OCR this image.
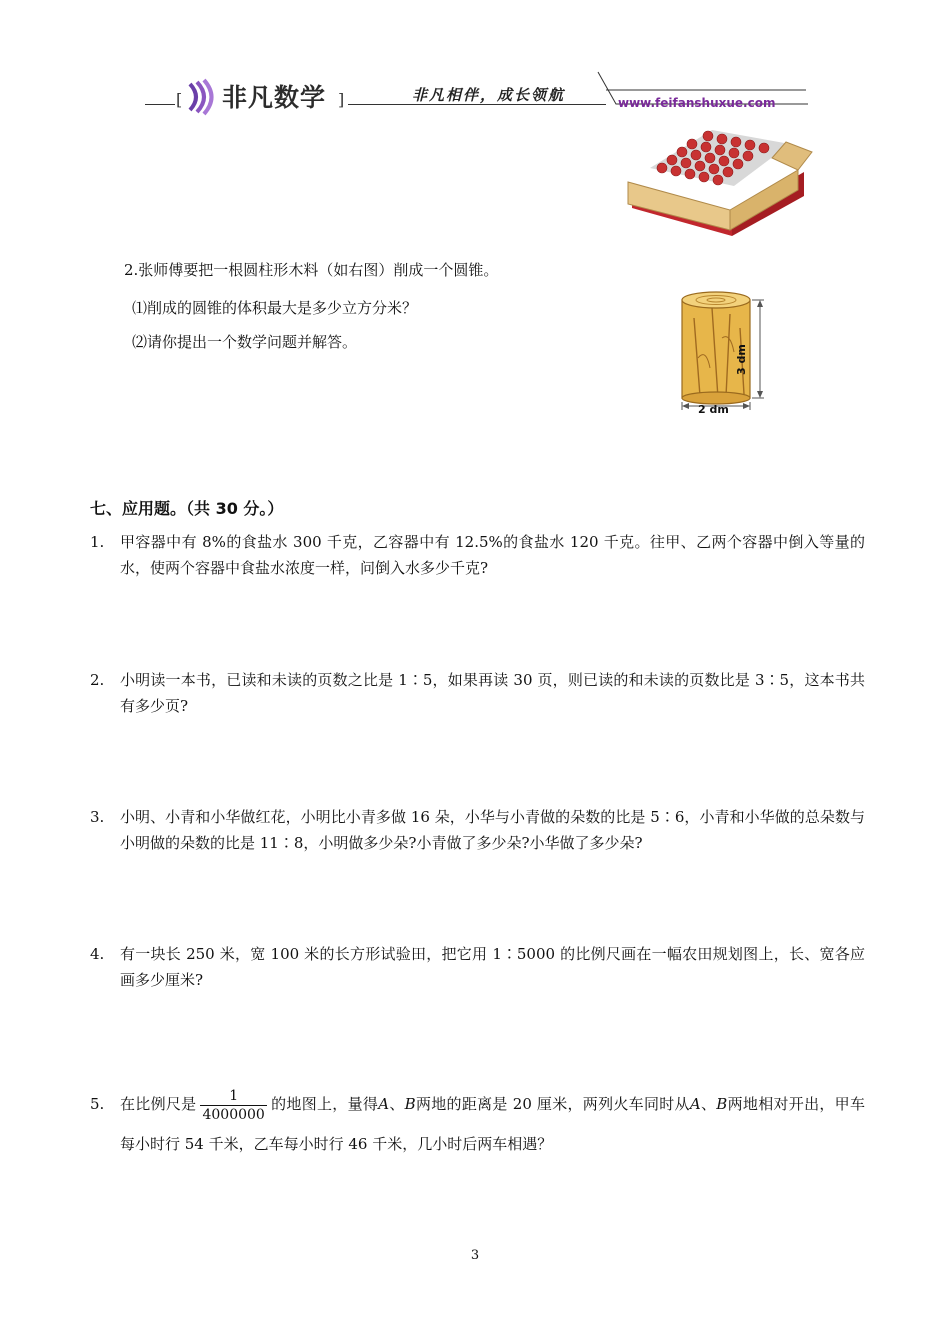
[ 非凡数学 ]	非凡相伴，成长领航	www.feifanshuxue.com
2.张师傅要把一根圆柱形木料（如右图）削成一个圆锥。
⑴削成的圆锥的体积最大是多少立方分米？
⑵请你提出一个数学问题并解答。
3 dm
2 dm
七、应用题。（共 30 分。）
1.	甲容器中有 8%的食盐水 300 千克，乙容器中有 12.5%的食盐水 120 千克。往甲、乙两个容器中倒入等量的水，使两个容器中食盐水浓度一样，问倒入水多少千克?
2.	小明读一本书，已读和未读的页数之比是 1∶5，如果再读 30 页，则已读的和未读的页数比是 3∶5，这本书共有多少页?
3.	小明、小青和小华做红花，小明比小青多做 16 朵，小华与小青做的朵数的比是 5∶6，小青和小华做的总朵数与小明做的朵数的比是 11∶8，小明做多少朵?小青做了多少朵?小华做了多少朵?
4.	有一块长 250 米，宽 100 米的长方形试验田，把它用 1∶5000 的比例尺画在一幅农田规划图上，长、宽各应画多少厘米?
5.	在比例尺是 $\frac{1}{4000000}$ 的地图上，量得A、B两地的距离是 20 厘米，两列火车同时从A、B两地相对开出，甲车每小时行 54 千米，乙车每小时行 46 千米，几小时后两车相遇？
3
